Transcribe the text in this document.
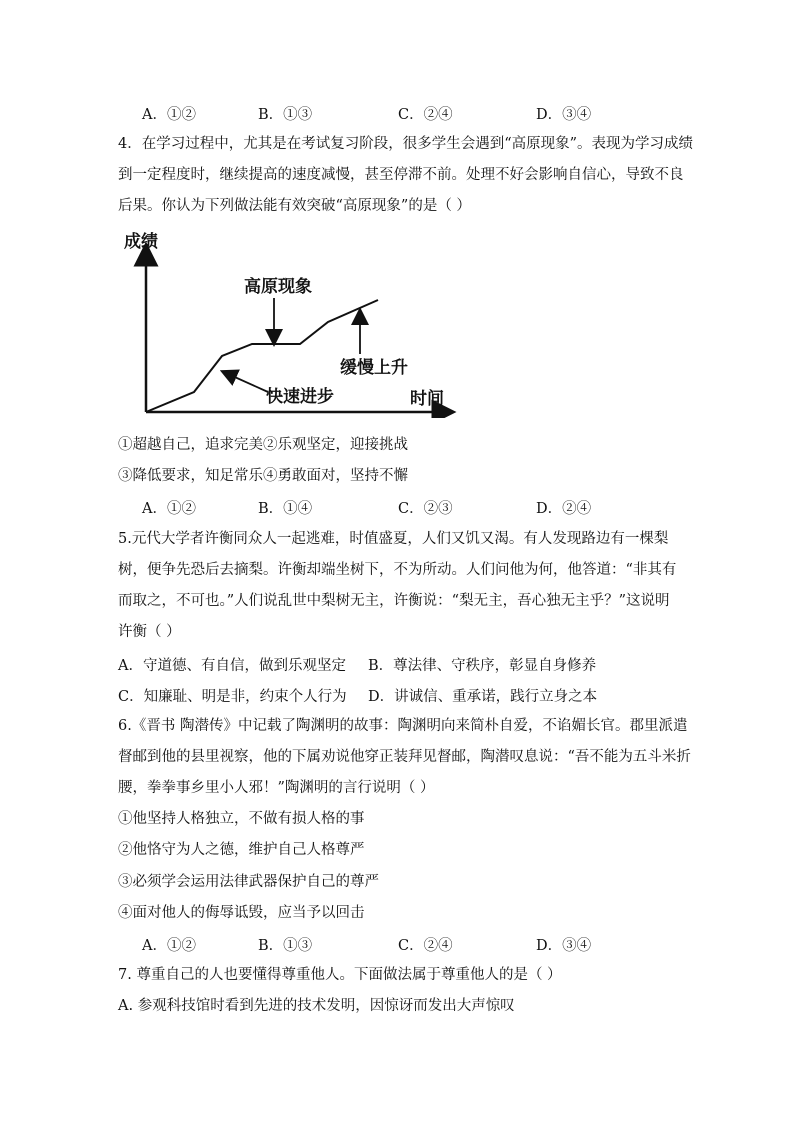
A．①②	B．①③	C．②④	D．③④
4．在学习过程中，尤其是在考试复习阶段，很多学生会遇到“高原现象”。表现为学习成绩
到一定程度时，继续提高的速度减慢，甚至停滞不前。处理不好会影响自信心，导致不良
后果。你认为下列做法能有效突破“高原现象”的是（ ）
成绩
时间
高原现象
缓慢上升
快速进步
①超越自己，追求完美②乐观坚定，迎接挑战
③降低要求，知足常乐④勇敢面对，坚持不懈
A．①②	B．①④	C．②③	D．②④
5.元代大学者许衡同众人一起逃难，时值盛夏，人们又饥又渴。有人发现路边有一棵梨
树，便争先恐后去摘梨。许衡却端坐树下，不为所动。人们问他为何，他答道：“非其有
而取之，不可也。”人们说乱世中梨树无主，许衡说：“梨无主，吾心独无主乎？”这说明
许衡（ ）
A．守道德、有自信，做到乐观坚定 B．尊法律、守秩序，彰显自身修养
C．知廉耻、明是非，约束个人行为 D．讲诚信、重承诺，践行立身之本
6.《晋书 陶潜传》中记载了陶渊明的故事：陶渊明向来简朴自爱，不谄媚长官。郡里派遣
督邮到他的县里视察，他的下属劝说他穿正装拜见督邮，陶潜叹息说：“吾不能为五斗米折
腰，拳拳事乡里小人邪！”陶渊明的言行说明（ ）
①他坚持人格独立，不做有损人格的事
②他恪守为人之德，维护自己人格尊严
③必须学会运用法律武器保护自己的尊严
④面对他人的侮辱诋毁，应当予以回击
A．①②	B．①③	C．②④	D．③④
7. 尊重自己的人也要懂得尊重他人。下面做法属于尊重他人的是（ ）
A. 参观科技馆时看到先进的技术发明，因惊讶而发出大声惊叹
